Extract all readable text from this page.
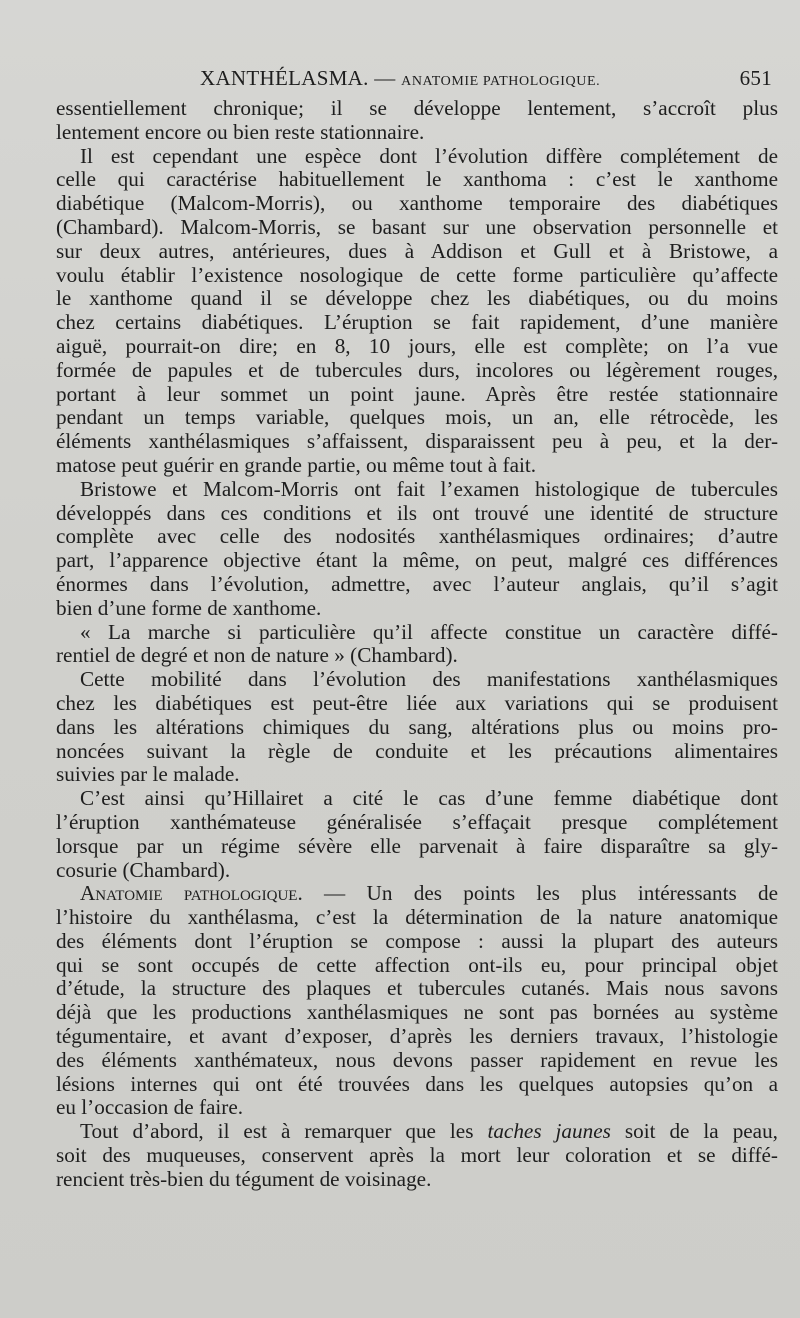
XANTHÉLASMA. — ANATOMIE PATHOLOGIQUE.	651
essentiellement chronique; il se développe lentement, s’accroît plus
lentement encore ou bien reste stationnaire.
Il est cependant une espèce dont l’évolution diffère complétement de
celle qui caractérise habituellement le xanthoma : c’est le xanthome
diabétique (Malcom-Morris), ou xanthome temporaire des diabétiques
(Chambard). Malcom-Morris, se basant sur une observation personnelle et
sur deux autres, antérieures, dues à Addison et Gull et à Bristowe, a
voulu établir l’existence nosologique de cette forme particulière qu’affecte
le xanthome quand il se développe chez les diabétiques, ou du moins
chez certains diabétiques. L’éruption se fait rapidement, d’une manière
aiguë, pourrait-on dire; en 8, 10 jours, elle est complète; on l’a vue
formée de papules et de tubercules durs, incolores ou légèrement rouges,
portant à leur sommet un point jaune. Après être restée stationnaire
pendant un temps variable, quelques mois, un an, elle rétrocède, les
éléments xanthélasmiques s’affaissent, disparaissent peu à peu, et la der-
matose peut guérir en grande partie, ou même tout à fait.
Bristowe et Malcom-Morris ont fait l’examen histologique de tubercules
développés dans ces conditions et ils ont trouvé une identité de structure
complète avec celle des nodosités xanthélasmiques ordinaires; d’autre
part, l’apparence objective étant la même, on peut, malgré ces différences
énormes dans l’évolution, admettre, avec l’auteur anglais, qu’il s’agit
bien d’une forme de xanthome.
« La marche si particulière qu’il affecte constitue un caractère diffé-
rentiel de degré et non de nature » (Chambard).
Cette mobilité dans l’évolution des manifestations xanthélasmiques
chez les diabétiques est peut-être liée aux variations qui se produisent
dans les altérations chimiques du sang, altérations plus ou moins pro-
noncées suivant la règle de conduite et les précautions alimentaires
suivies par le malade.
C’est ainsi qu’Hillairet a cité le cas d’une femme diabétique dont
l’éruption xanthémateuse généralisée s’effaçait presque complétement
lorsque par un régime sévère elle parvenait à faire disparaître sa gly-
cosurie (Chambard).
Anatomie pathologique. — Un des points les plus intéressants de
l’histoire du xanthélasma, c’est la détermination de la nature anatomique
des éléments dont l’éruption se compose : aussi la plupart des auteurs
qui se sont occupés de cette affection ont-ils eu, pour principal objet
d’étude, la structure des plaques et tubercules cutanés. Mais nous savons
déjà que les productions xanthélasmiques ne sont pas bornées au système
tégumentaire, et avant d’exposer, d’après les derniers travaux, l’histologie
des éléments xanthémateux, nous devons passer rapidement en revue les
lésions internes qui ont été trouvées dans les quelques autopsies qu’on a
eu l’occasion de faire.
Tout d’abord, il est à remarquer que les taches jaunes soit de la peau,
soit des muqueuses, conservent après la mort leur coloration et se diffé-
rencient très-bien du tégument de voisinage.
